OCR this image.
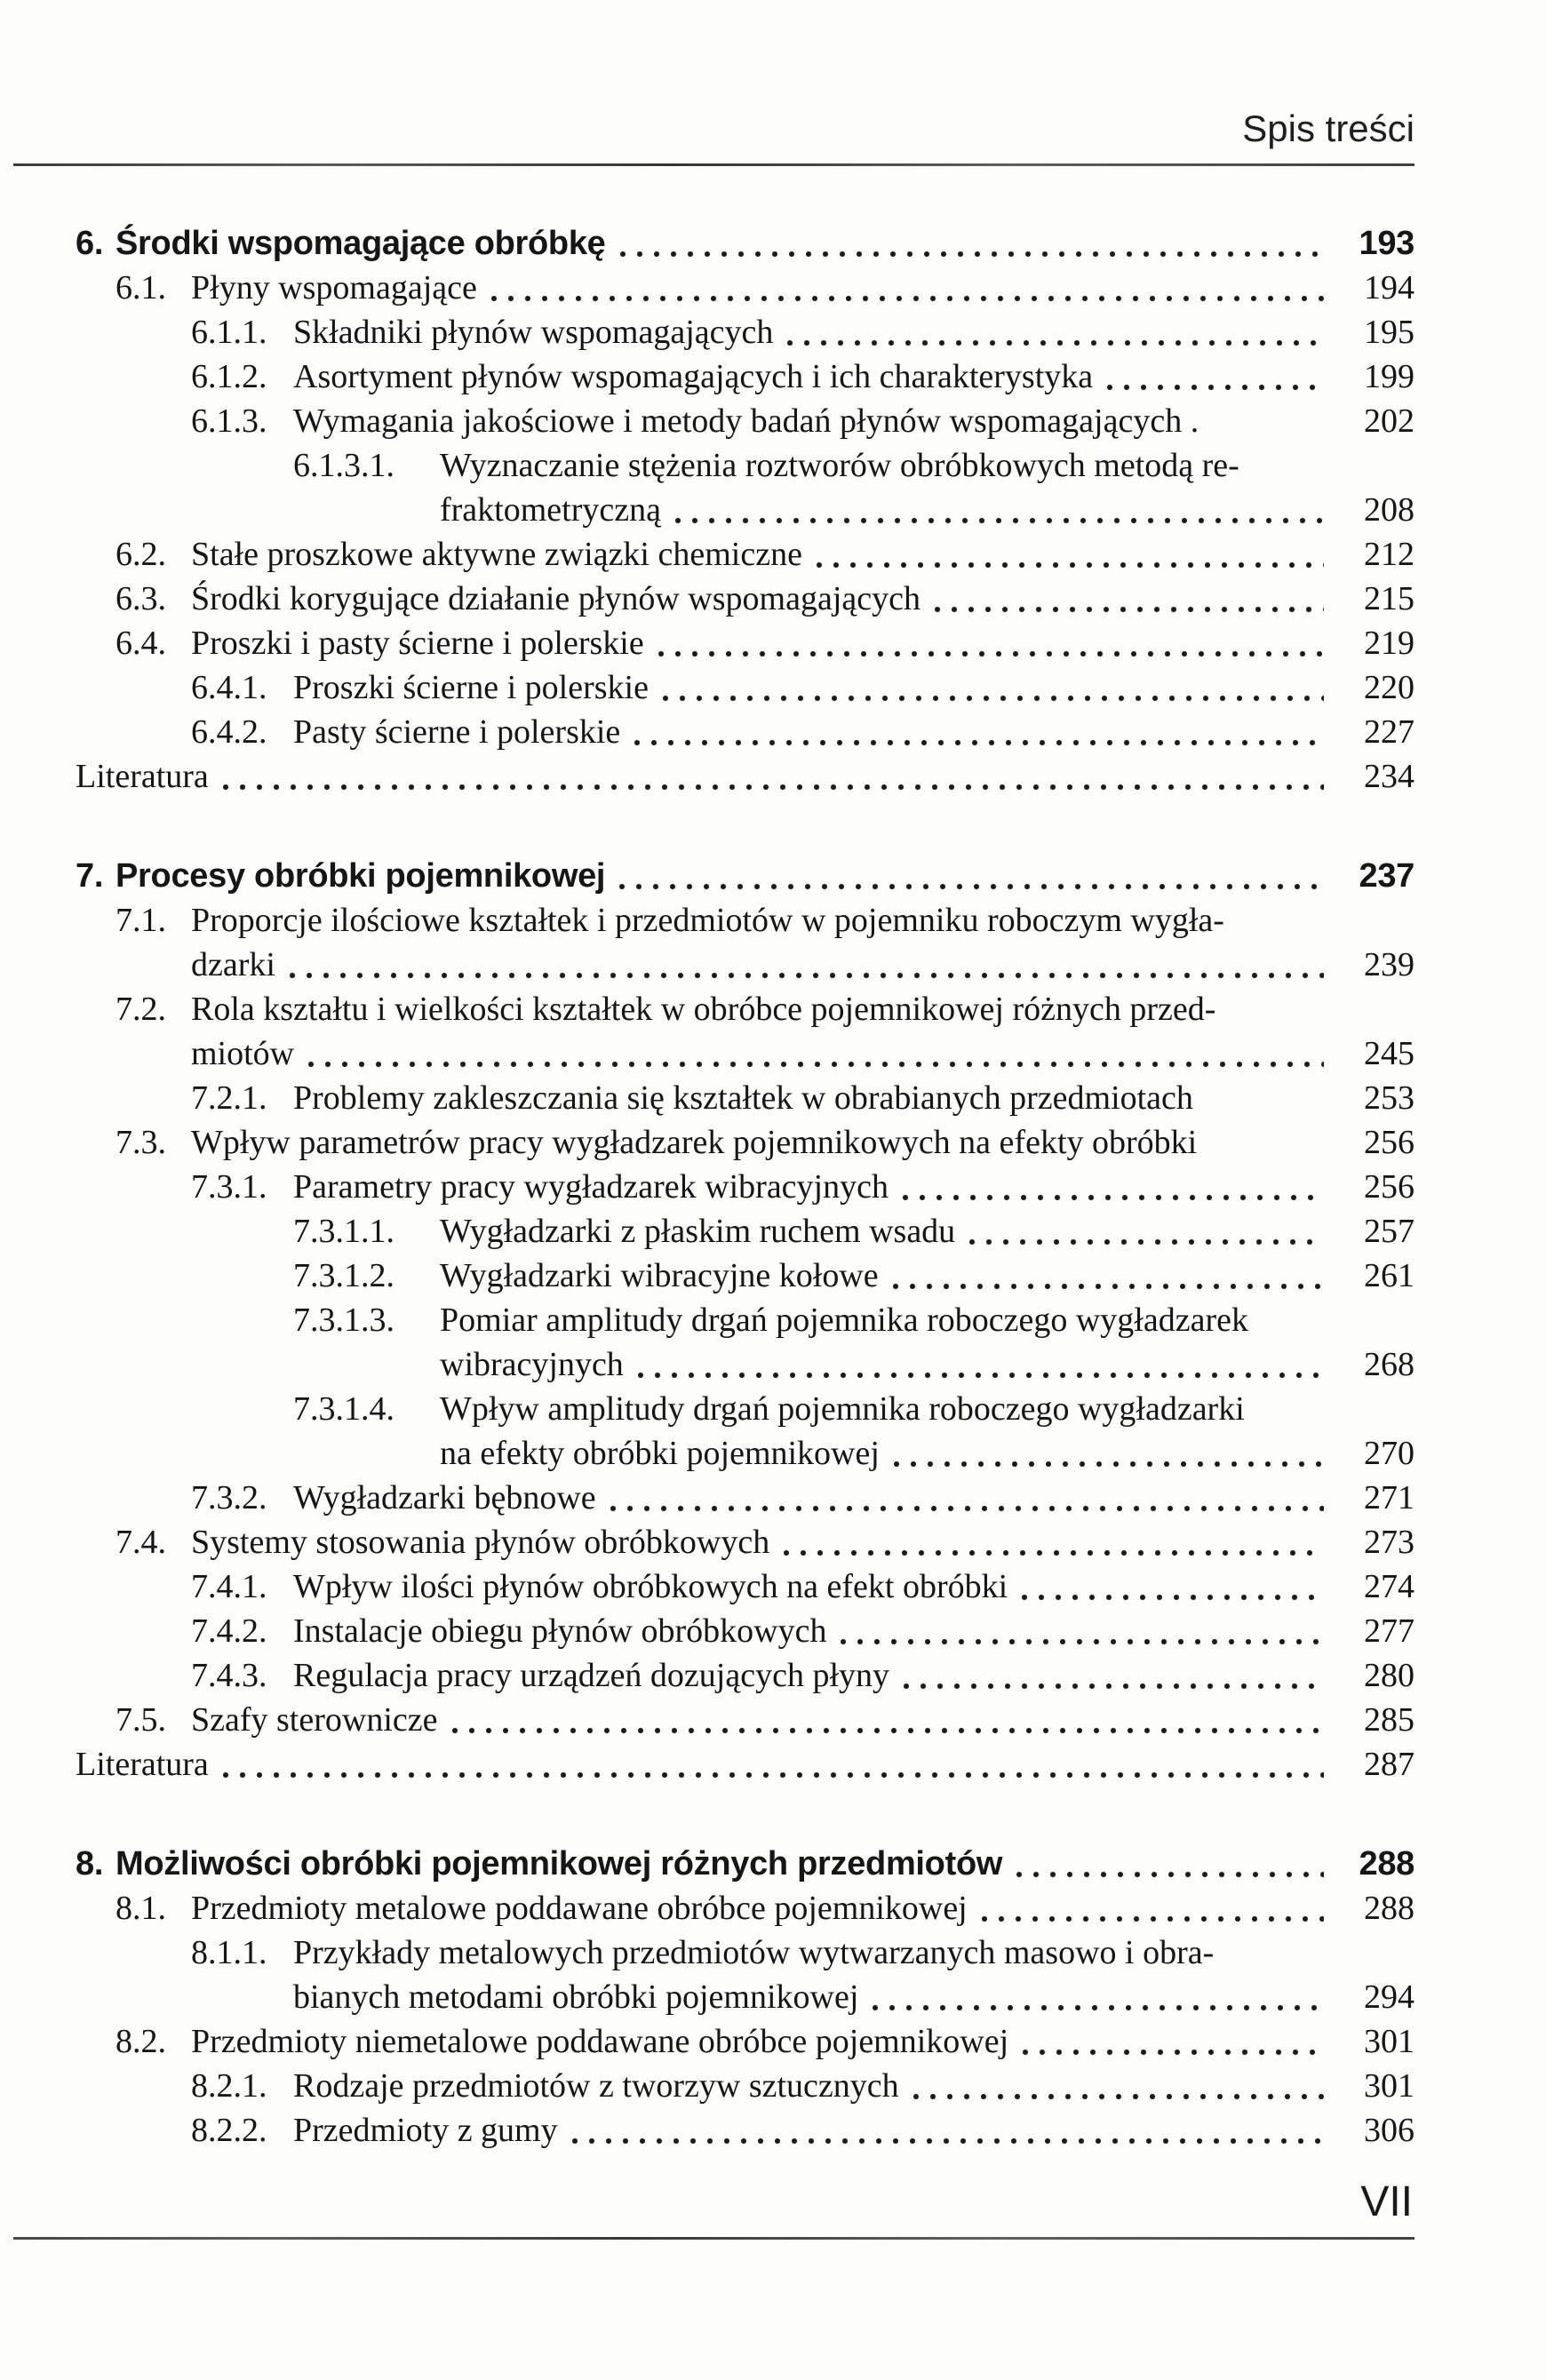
Spis treści
6. Środki wspomagające obróbkę	193
6.1. Płyny wspomagające	194
6.1.1. Składniki płynów wspomagających	195
6.1.2. Asortyment płynów wspomagających i ich charakterystyka	199
6.1.3. Wymagania jakościowe i metody badań płynów wspomagających .	202
6.1.3.1.	Wyznaczanie stężenia roztworów obróbkowych metodą re-
fraktometryczną	208
6.2. Stałe proszkowe aktywne związki chemiczne	212
6.3. Środki korygujące działanie płynów wspomagających	215
6.4. Proszki i pasty ścierne i polerskie	219
6.4.1. Proszki ścierne i polerskie	220
6.4.2. Pasty ścierne i polerskie	227
Literatura	234
7. Procesy obróbki pojemnikowej	237
7.1. Proporcje ilościowe kształtek i przedmiotów w pojemniku roboczym wygła-
dzarki	239
7.2. Rola kształtu i wielkości kształtek w obróbce pojemnikowej różnych przed-
miotów	245
7.2.1. Problemy zakleszczania się kształtek w obrabianych przedmiotach	253
7.3. Wpływ parametrów pracy wygładzarek pojemnikowych na efekty obróbki	256
7.3.1. Parametry pracy wygładzarek wibracyjnych	256
7.3.1.1.	Wygładzarki z płaskim ruchem wsadu	257
7.3.1.2.	Wygładzarki wibracyjne kołowe	261
7.3.1.3.	Pomiar amplitudy drgań pojemnika roboczego wygładzarek
wibracyjnych	268
7.3.1.4.	Wpływ amplitudy drgań pojemnika roboczego wygładzarki
na efekty obróbki pojemnikowej	270
7.3.2. Wygładzarki bębnowe	271
7.4. Systemy stosowania płynów obróbkowych	273
7.4.1. Wpływ ilości płynów obróbkowych na efekt obróbki	274
7.4.2. Instalacje obiegu płynów obróbkowych	277
7.4.3. Regulacja pracy urządzeń dozujących płyny	280
7.5. Szafy sterownicze	285
Literatura	287
8. Możliwości obróbki pojemnikowej różnych przedmiotów	288
8.1. Przedmioty metalowe poddawane obróbce pojemnikowej	288
8.1.1. Przykłady metalowych przedmiotów wytwarzanych masowo i obra-
bianych metodami obróbki pojemnikowej	294
8.2. Przedmioty niemetalowe poddawane obróbce pojemnikowej	301
8.2.1. Rodzaje przedmiotów z tworzyw sztucznych	301
8.2.2. Przedmioty z gumy	306
VII
